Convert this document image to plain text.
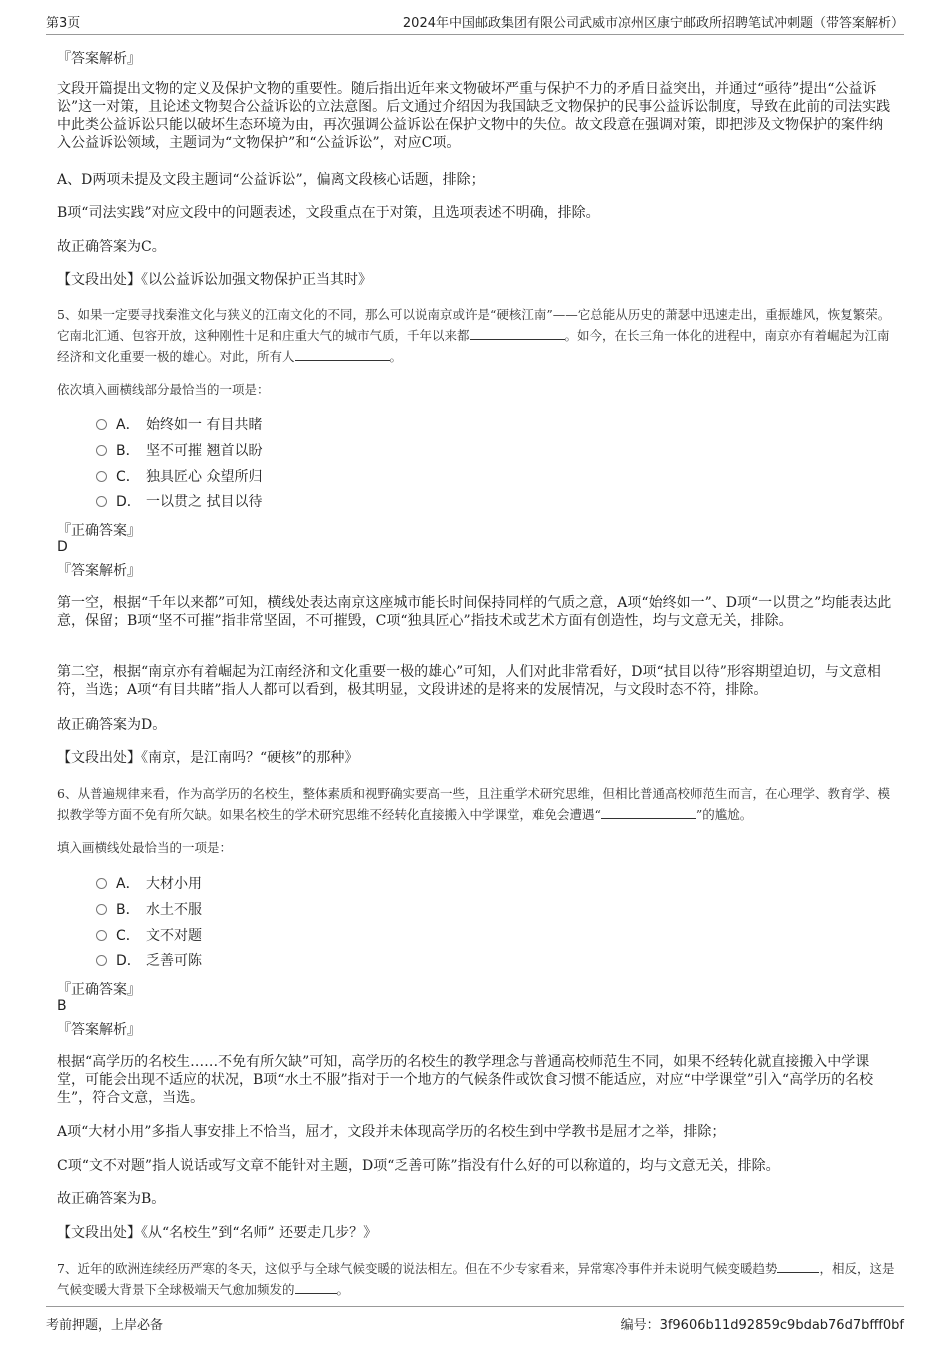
第3页	2024年中国邮政集团有限公司武威市凉州区康宁邮政所招聘笔试冲刺题（带答案解析）
『答案解析』
文段开篇提出文物的定义及保护文物的重要性。随后指出近年来文物破坏严重与保护不力的矛盾日益突出，并通过“亟待”提出“公益诉讼”这一对策，且论述文物契合公益诉讼的立法意图。后文通过介绍因为我国缺乏文物保护的民事公益诉讼制度，导致在此前的司法实践中此类公益诉讼只能以破坏生态环境为由，再次强调公益诉讼在保护文物中的失位。故文段意在强调对策，即把涉及文物保护的案件纳入公益诉讼领域，主题词为“文物保护”和“公益诉讼”，对应C项。
A、D两项未提及文段主题词“公益诉讼”，偏离文段核心话题，排除；
B项“司法实践”对应文段中的问题表述，文段重点在于对策，且选项表述不明确，排除。
故正确答案为C。
【文段出处】《以公益诉讼加强文物保护正当其时》
5、如果一定要寻找秦淮文化与狭义的江南文化的不同，那么可以说南京或许是“硬核江南”——它总能从历史的萧瑟中迅速走出，重振雄风，恢复繁荣。它南北汇通、包容开放，这种刚性十足和庄重大气的城市气质，千年以来都	。如今，在长三角一体化的进程中，南京亦有着崛起为江南经济和文化重要一极的雄心。对此，所有人	。
依次填入画横线部分最恰当的一项是：
A． 始终如一 有目共睹
B． 坚不可摧 翘首以盼
C． 独具匠心 众望所归
D． 一以贯之 拭目以待
『正确答案』
D
『答案解析』
第一空，根据“千年以来都”可知，横线处表达南京这座城市能长时间保持同样的气质之意，A项“始终如一”、D项“一以贯之”均能表达此意，保留；B项“坚不可摧”指非常坚固，不可摧毁，C项“独具匠心”指技术或艺术方面有创造性，均与文意无关，排除。
第二空，根据“南京亦有着崛起为江南经济和文化重要一极的雄心”可知，人们对此非常看好，D项“拭目以待”形容期望迫切，与文意相符，当选；A项“有目共睹”指人人都可以看到，极其明显，文段讲述的是将来的发展情况，与文段时态不符，排除。
故正确答案为D。
【文段出处】《南京，是江南吗？“硬核”的那种》
6、从普遍规律来看，作为高学历的名校生，整体素质和视野确实要高一些，且注重学术研究思维，但相比普通高校师范生而言，在心理学、教育学、模拟教学等方面不免有所欠缺。如果名校生的学术研究思维不经转化直接搬入中学课堂，难免会遭遇“	”的尴尬。
填入画横线处最恰当的一项是：
A． 大材小用
B． 水土不服
C． 文不对题
D． 乏善可陈
『正确答案』
B
『答案解析』
根据“高学历的名校生……不免有所欠缺”可知，高学历的名校生的教学理念与普通高校师范生不同，如果不经转化就直接搬入中学课堂，可能会出现不适应的状况，B项“水土不服”指对于一个地方的气候条件或饮食习惯不能适应，对应“中学课堂”引入“高学历的名校生”，符合文意，当选。
A项“大材小用”多指人事安排上不恰当，屈才，文段并未体现高学历的名校生到中学教书是屈才之举，排除；
C项“文不对题”指人说话或写文章不能针对主题，D项“乏善可陈”指没有什么好的可以称道的，均与文意无关，排除。
故正确答案为B。
【文段出处】《从“名校生”到“名师” 还要走几步？》
7、近年的欧洲连续经历严寒的冬天，这似乎与全球气候变暖的说法相左。但在不少专家看来，异常寒冷事件并未说明气候变暖趋势	，相反，这是气候变暖大背景下全球极端天气愈加频发的	。
考前押题，上岸必备	编号：3f9606b11d92859c9bdab76d7bfff0bf
